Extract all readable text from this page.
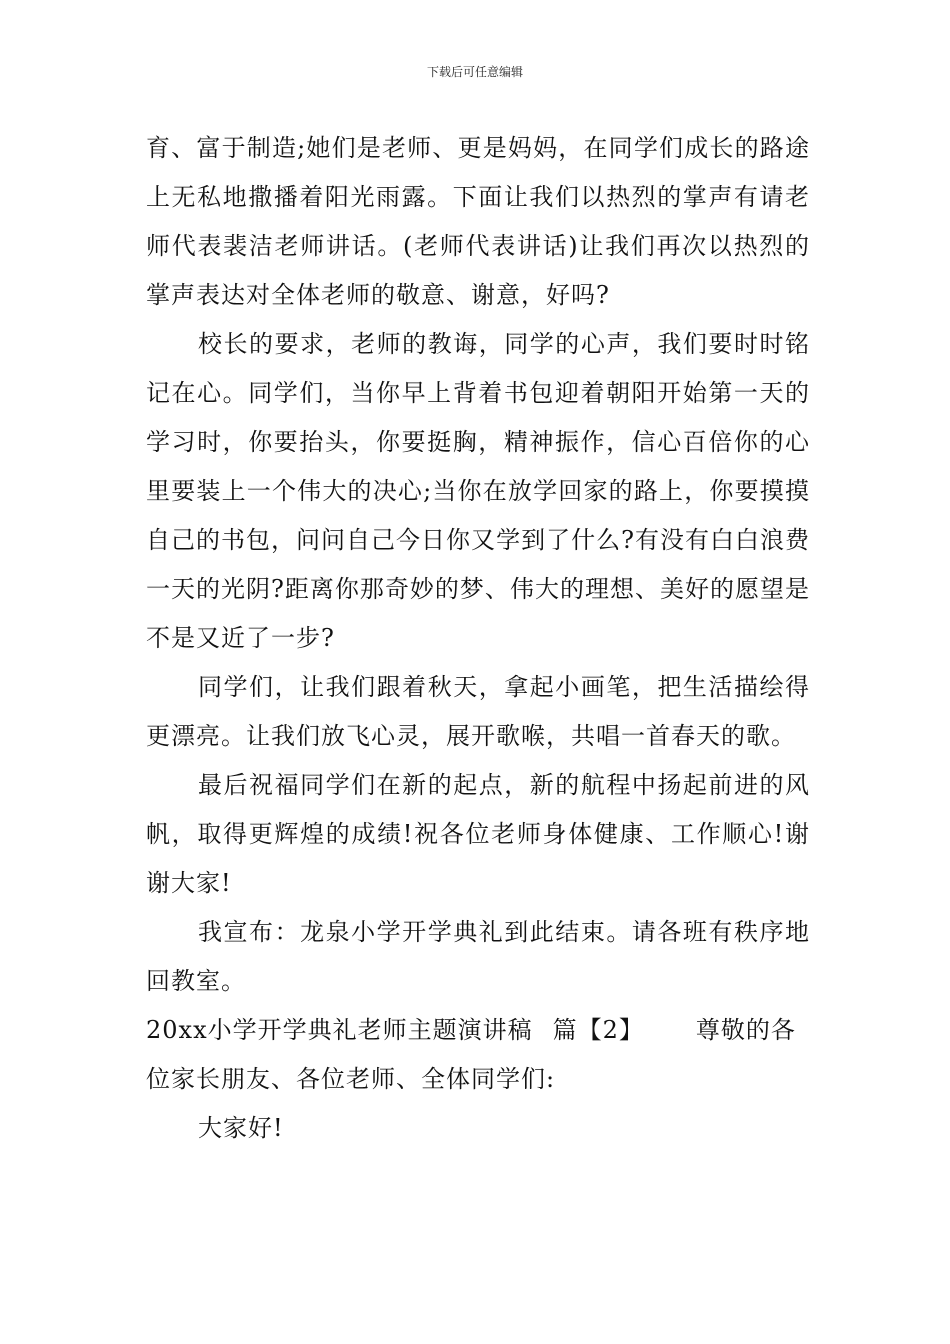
下载后可任意编辑

育、富于制造;她们是老师、更是妈妈，在同学们成长的路途上无私地撒播着阳光雨露。下面让我们以热烈的掌声有请老师代表裴洁老师讲话。(老师代表讲话)让我们再次以热烈的掌声表达对全体老师的敬意、谢意，好吗?

校长的要求，老师的教诲，同学的心声，我们要时时铭记在心。同学们，当你早上背着书包迎着朝阳开始第一天的学习时，你要抬头，你要挺胸，精神振作，信心百倍你的心里要装上一个伟大的决心;当你在放学回家的路上，你要摸摸自己的书包，问问自己今日你又学到了什么?有没有白白浪费一天的光阴?距离你那奇妙的梦、伟大的理想、美好的愿望是不是又近了一步?

同学们，让我们跟着秋天，拿起小画笔，把生活描绘得更漂亮。让我们放飞心灵，展开歌喉，共唱一首春天的歌。

最后祝福同学们在新的起点，新的航程中扬起前进的风帆，取得更辉煌的成绩!祝各位老师身体健康、工作顺心!谢谢大家!

我宣布：龙泉小学开学典礼到此结束。请各班有秩序地回教室。

20xx小学开学典礼老师主题演讲稿 篇【2】 尊敬的各

位家长朋友、各位老师、全体同学们:

大家好!
